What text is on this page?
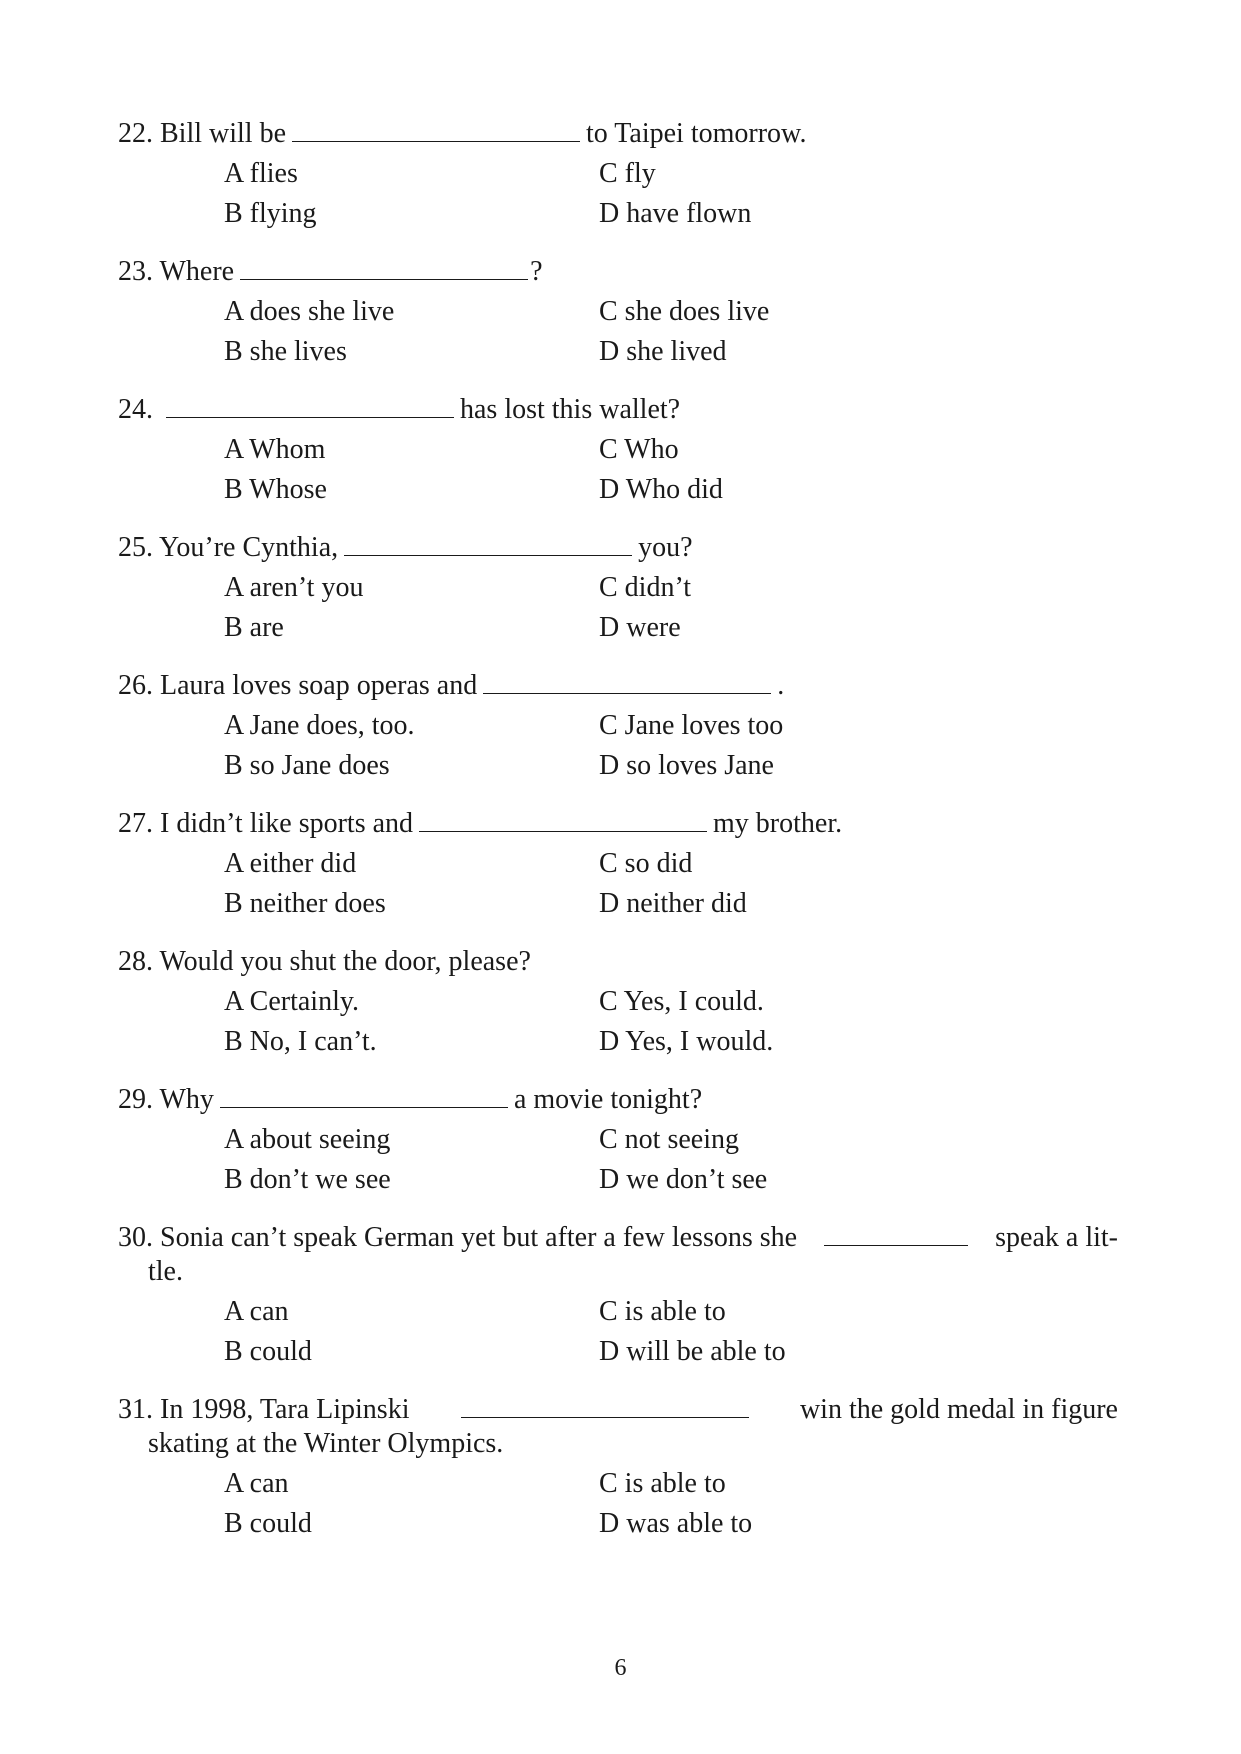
22. Bill will be	to Taipei tomorrow.
A flies	C fly
B flying	D have flown
23. Where	?
A does she live	C she does live
B she lives	D she lived
24.	has lost this wallet?
A Whom	C Who
B Whose	D Who did
25. You’re Cynthia,	you?
A aren’t you	C didn’t
B are	D were
26. Laura loves soap operas and	.
A Jane does, too.	C Jane loves too
B so Jane does	D so loves Jane
27. I didn’t like sports and	my brother.
A either did	C so did
B neither does	D neither did
28. Would you shut the door, please?
A Certainly.	C Yes, I could.
B No, I can’t.	D Yes, I would.
29. Why	a movie tonight?
A about seeing	C not seeing
B don’t we see	D we don’t see
30. Sonia can’t speak German yet but after a few lessons she	speak a lit-
tle.
A can	C is able to
B could	D will be able to
31. In 1998, Tara Lipinski	win the gold medal in figure
skating at the Winter Olympics.
A can	C is able to
B could	D was able to
6
